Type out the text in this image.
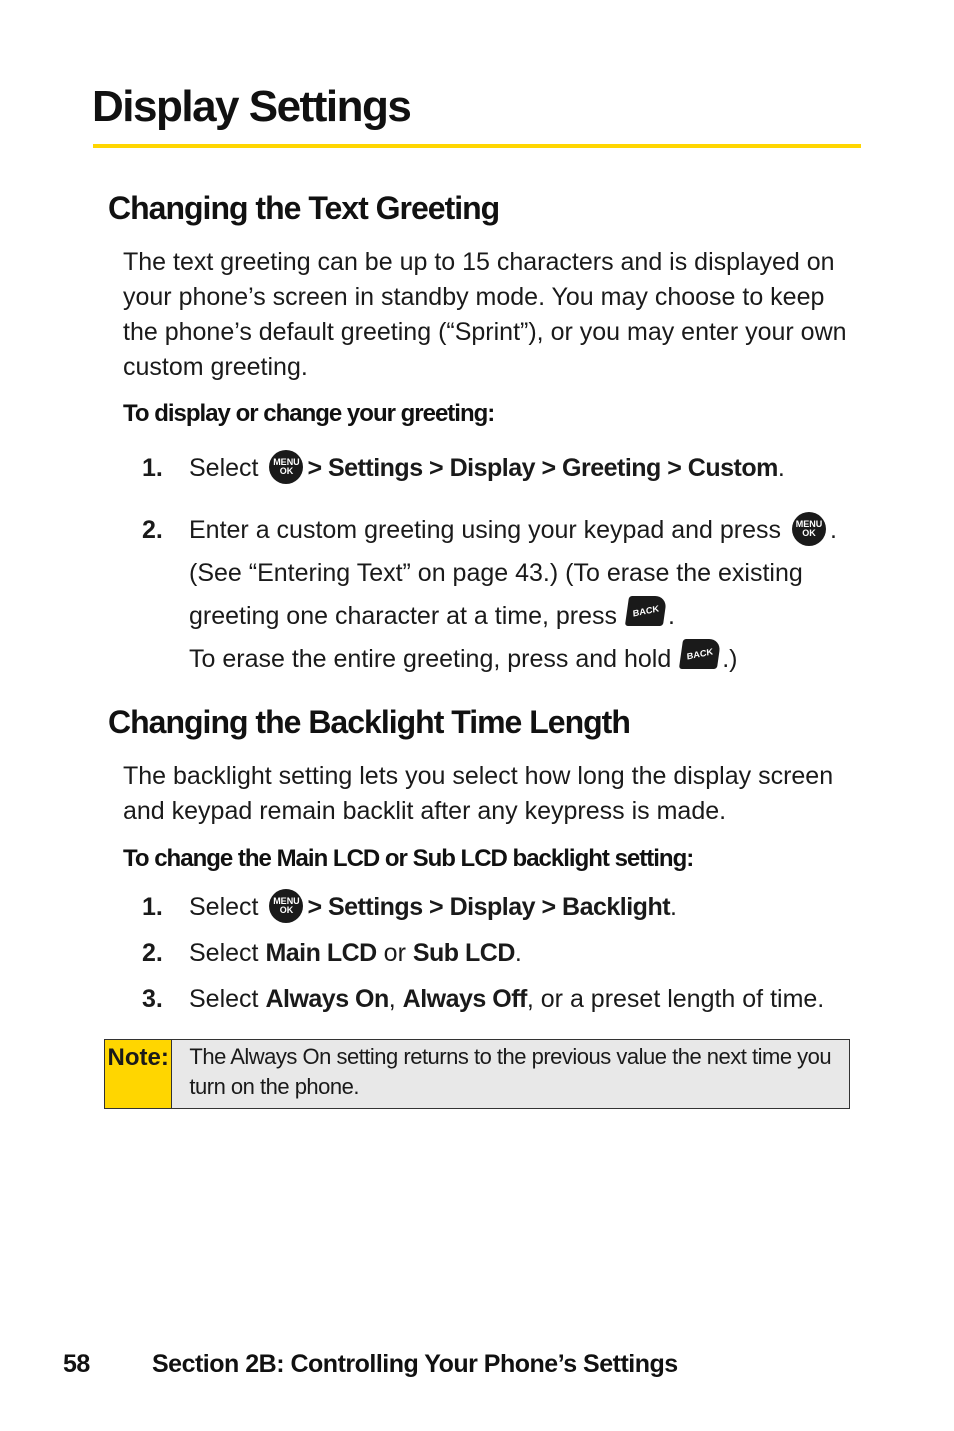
Display Settings
Changing the Text Greeting

The text greeting can be up to 15 characters and is displayed on your phone’s screen in standby mode. You may choose to keep the phone’s default greeting (“Sprint”), or you may enter your own custom greeting.

To display or change your greeting:
1. Select MENU
OK > Settings > Display > Greeting > Custom.
2. Enter a custom greeting using your keypad and press MENU
OK .
(See “Entering Text” on page 43.) (To erase the existing
greeting one character at a time, press BACK .
To erase the entire greeting, press and hold BACK .)
Changing the Backlight Time Length

The backlight setting lets you select how long the display screen and keypad remain backlit after any keypress is made.

To change the Main LCD or Sub LCD backlight setting:
1. Select MENU
OK > Settings > Display > Backlight.
2. Select Main LCD or Sub LCD.
3. Select Always On, Always Off, or a preset length of time.
Note: The Always On setting returns to the previous value the next time you turn on the phone.
58 Section 2B: Controlling Your Phone’s Settings
